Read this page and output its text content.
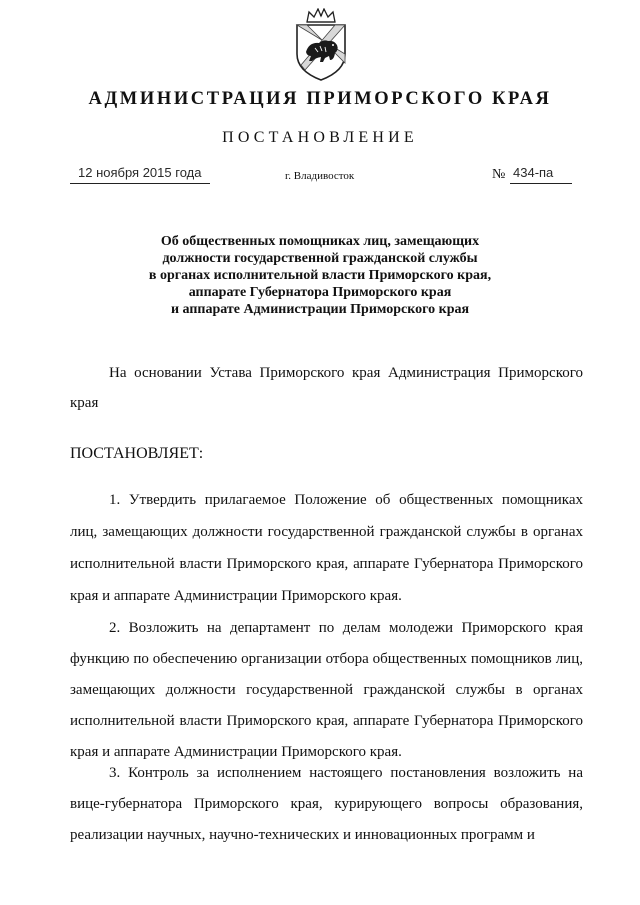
АДМИНИСТРАЦИЯ ПРИМОРСКОГО КРАЯ
ПОСТАНОВЛЕНИЕ
12 ноября 2015 года	г. Владивосток	№ 434-па
Об общественных помощниках лиц, замещающих
должности государственной гражданской службы
в органах исполнительной власти Приморского края,
аппарате Губернатора Приморского края
и аппарате Администрации Приморского края
На основании Устава Приморского края Администрация Приморского края
ПОСТАНОВЛЯЕТ:
1. Утвердить прилагаемое Положение об общественных помощниках лиц, замещающих должности государственной гражданской службы в органах исполнительной власти Приморского края, аппарате Губернатора Приморского края и аппарате Администрации Приморского края.
2. Возложить на департамент по делам молодежи Приморского края функцию по обеспечению организации отбора общественных помощников лиц, замещающих должности государственной гражданской службы в органах исполнительной власти Приморского края, аппарате Губернатора Приморского края и аппарате Администрации Приморского края.
3. Контроль за исполнением настоящего постановления возложить на вице-губернатора Приморского края, курирующего вопросы образования, реализации научных, научно-технических и инновационных программ и
